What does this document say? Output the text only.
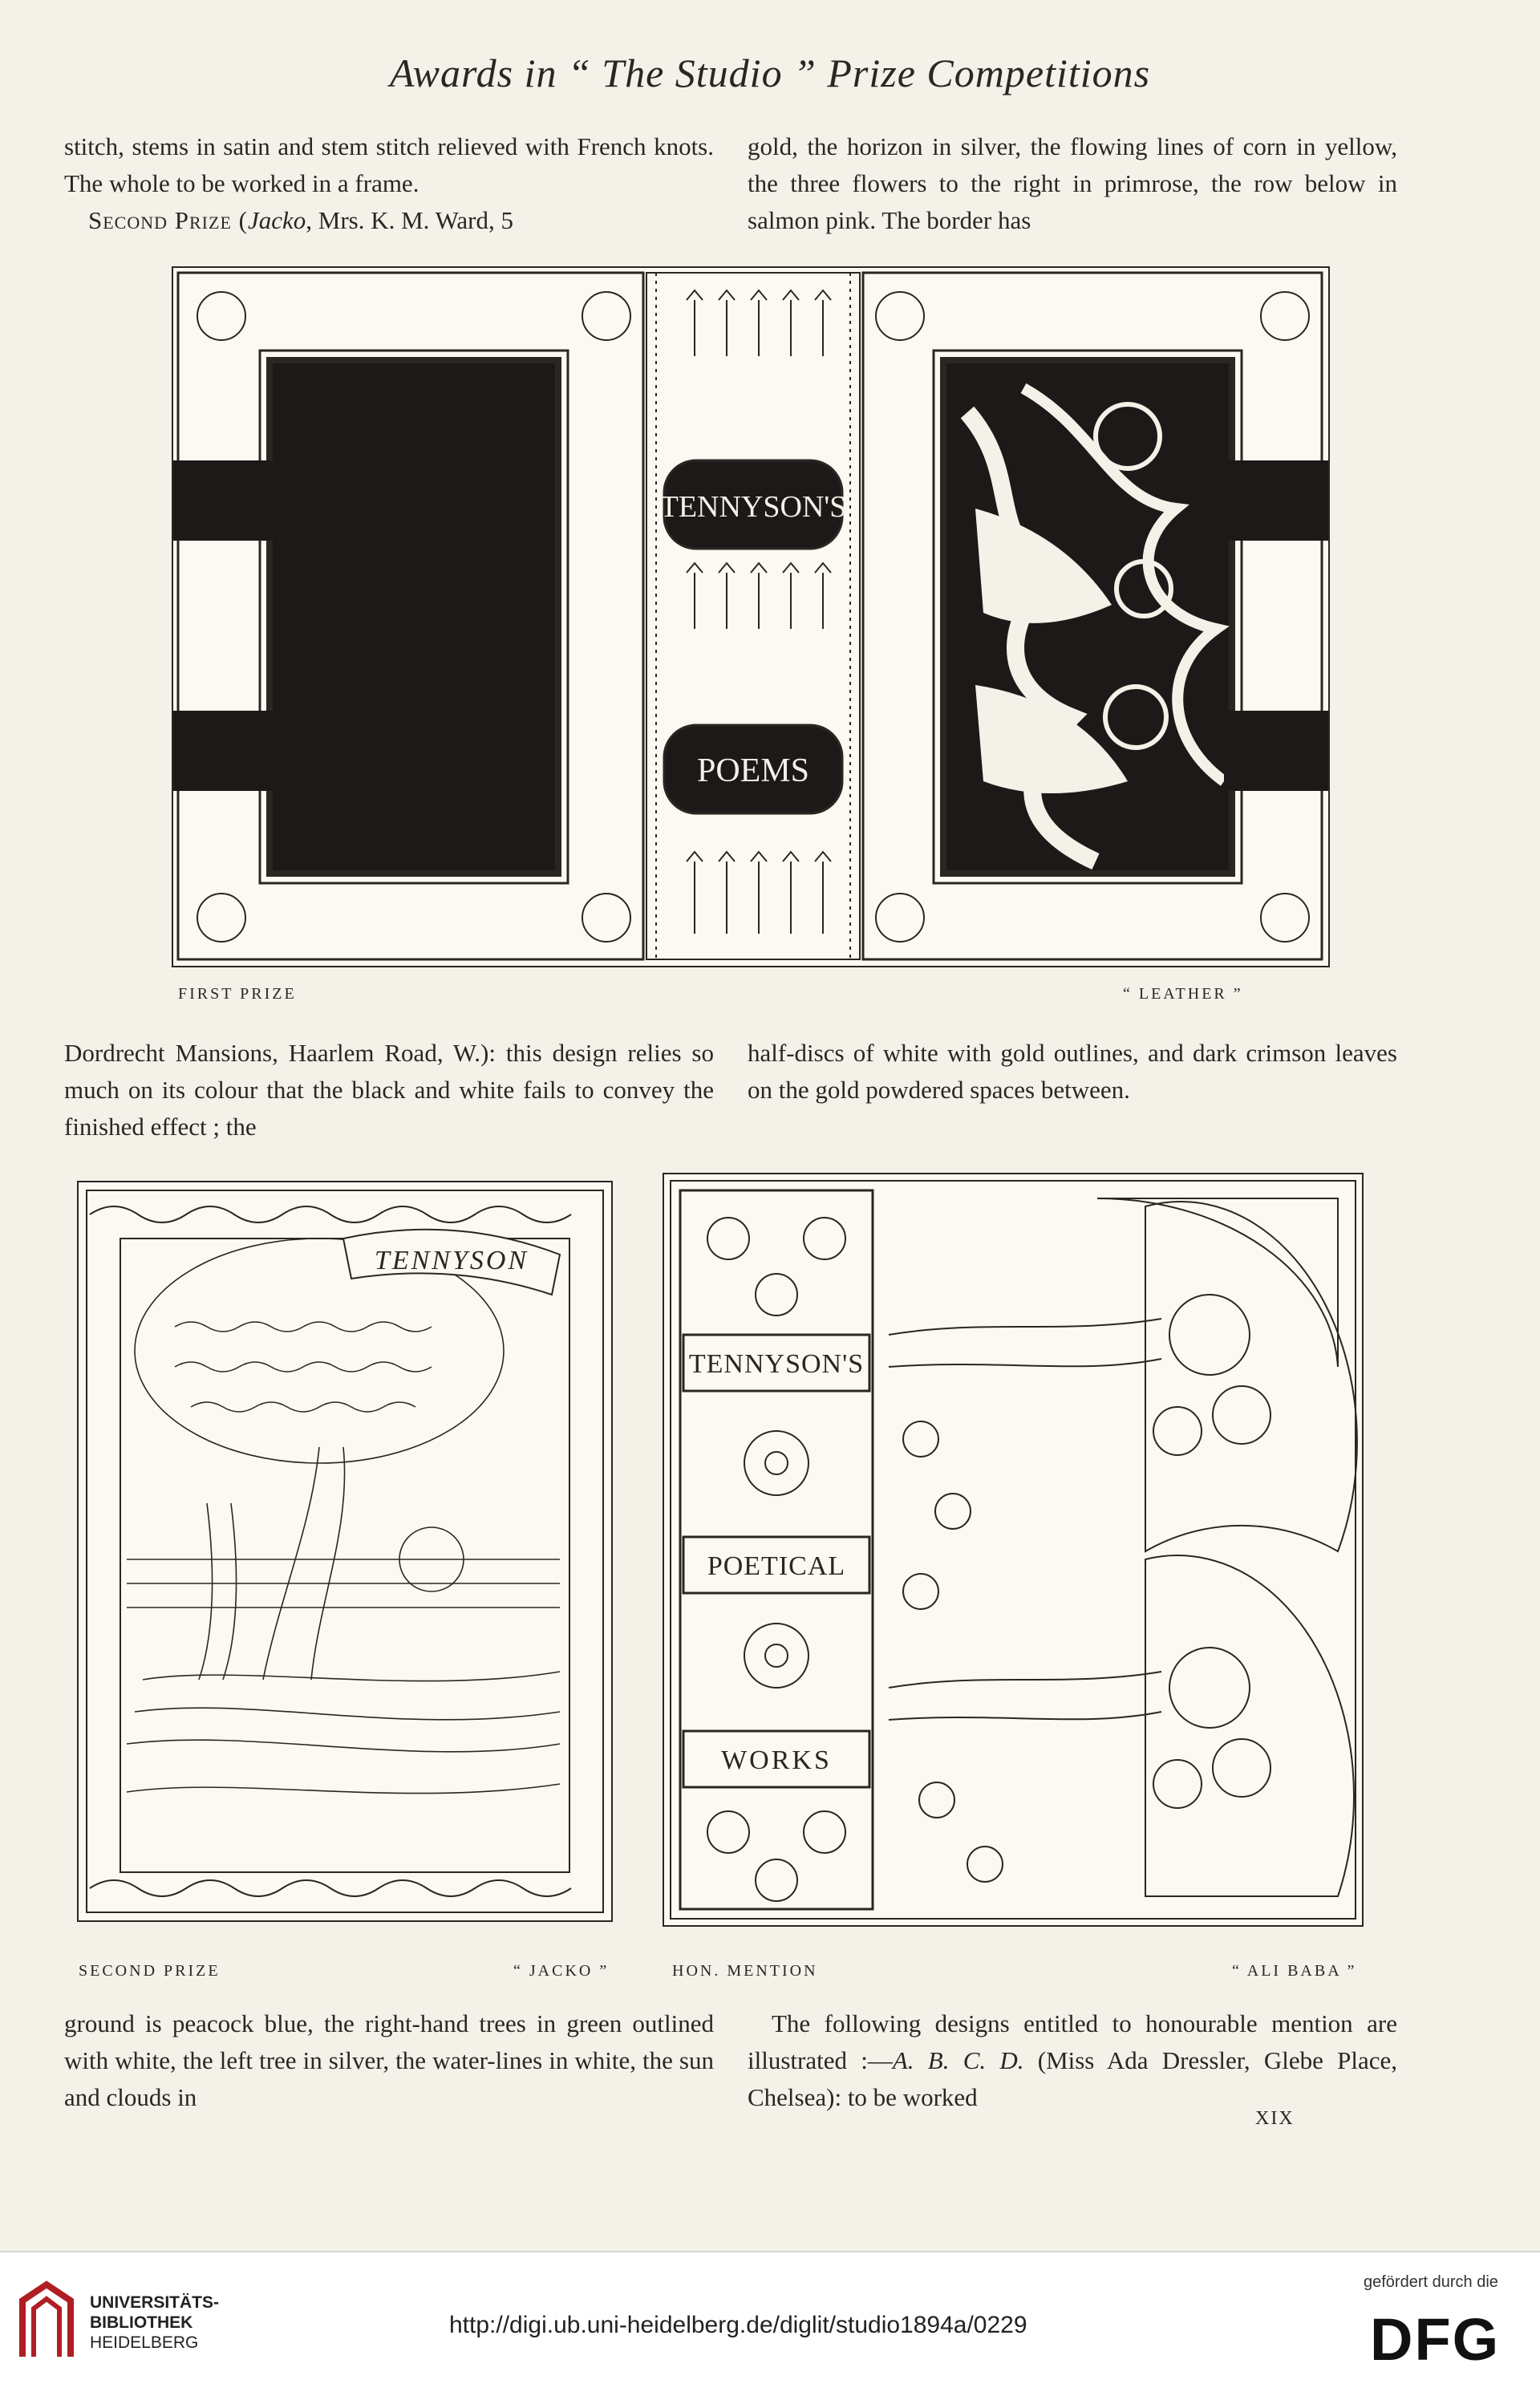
Awards in “ The Studio ” Prize Competitions

stitch, stems in satin and stem stitch relieved with French knots. The whole to be worked in a frame.

Second Prize (Jacko, Mrs. K. M. Ward, 5

gold, the horizon in silver, the flowing lines of corn in yellow, the three flowers to the right in primrose, the row below in salmon pink. The border has

TENNYSON'S
POEMS
FIRST PRIZE	“ LEATHER ”

Dordrecht Mansions, Haarlem Road, W.): this design relies so much on its colour that the black and white fails to convey the finished effect ; the

half-discs of white with gold outlines, and dark crimson leaves on the gold powdered spaces between.

TENNYSON
SECOND PRIZE	“ JACKO ”
TENNYSON'S
POETICAL
WORKS
HON. MENTION	“ ALI BABA ”

ground is peacock blue, the right-hand trees in green outlined with white, the left tree in silver, the water-lines in white, the sun and clouds in

The following designs entitled to honourable mention are illustrated :—A. B. C. D. (Miss Ada Dressler, Glebe Place, Chelsea): to be worked

XIX
UNIVERSITÄTS-
BIBLIOTHEK
HEIDELBERG
http://digi.ub.uni-heidelberg.de/diglit/studio1894a/0229
gefördert durch die
DFG
